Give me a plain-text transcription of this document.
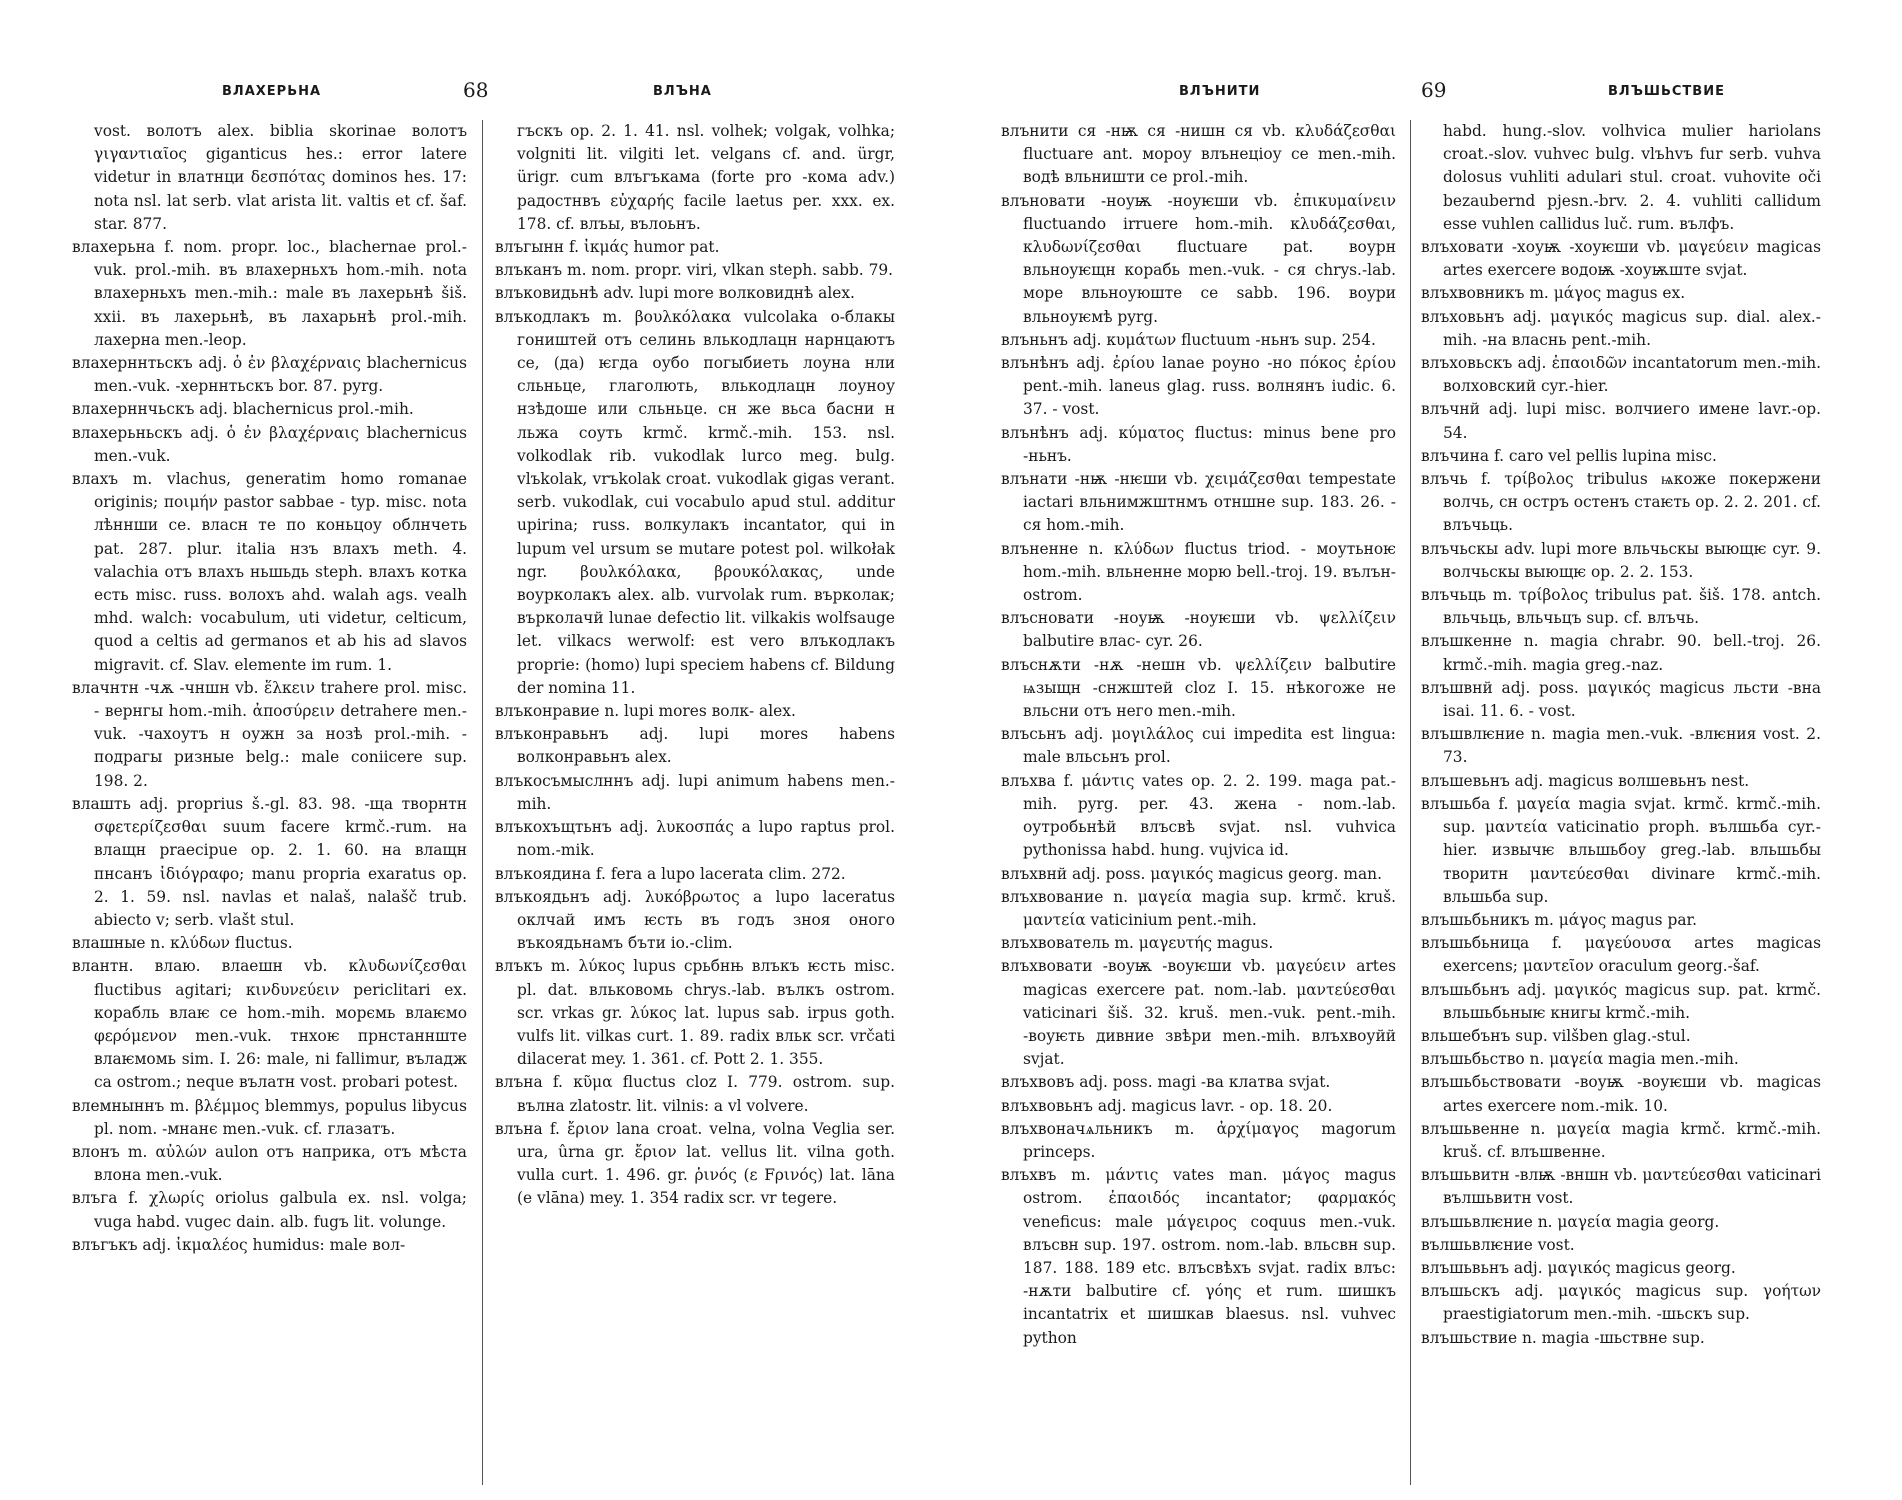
ВЛАХЕРЬНА	68	ВЛЪНА

vost. волотъ alex. biblia skorinae волотъ γιγαντιαῖος giganticus hes.: error latere videtur in влатнци δεσπότας dominos hes. 17: nota nsl. lat serb. vlat arista lit. valtis et cf. šaf. star. 877.

влахерьна f. nom. propr. loc., blachernae prol.-vuk. prol.-mih. въ влахерньхъ hom.-mih. nota влахерньхъ men.-mih.: male въ лахерьнѣ šiš. xxii. въ лахерьнѣ, въ лахарьнѣ prol.-mih. лахерна men.-leop.

влахерннтьскъ adj. ὁ ἐν βλαχέρναις blachernicus men.-vuk. -херннтьскъ bor. 87. pyrg.

влахерннчьскъ adj. blachernicus prol.-mih.

влахерьньскъ adj. ὁ ἐν βλαχέρναις blachernicus men.-vuk.

влахъ m. vlachus, generatim homo romanae originis; ποιμήν pastor sabbae - typ. misc. nota лѣннши се. власн те по коньцоу облнчеть pat. 287. plur. italia нзъ влахъ meth. 4. valachia отъ влахъ ньшьдь steph. влахъ котка есть misc. russ. волохъ ahd. walah ags. vealh mhd. walch: vocabulum, uti videtur, celticum, quod a celtis ad germanos et ab his ad slavos migravit. cf. Slav. elemente im rum. 1.

влачнтн -чѫ -чншн vb. ἕλκειν trahere prol. misc. - вернгы hom.-mih. ἀποσύρειν detrahere men.-vuk. -чахоутъ н оужн за нозѣ prol.-mih. - подрагы ризные belg.: male coniicere sup. 198. 2.

влашть adj. proprius š.-gl. 83. 98. -ща творнтн σφετερίζεσθαι suum facere krmč.-rum. на влащн praecipue op. 2. 1. 60. на влащн пнсанъ ἰδιόγραφο; manu propria exaratus op. 2. 1. 59. nsl. navlas et nalaš, nalašč trub. abiecto v; serb. vlašt stul.

влашные n. κλύδων fluctus.

влантн. влаю. влаешн vb. κλυδωνίζεσθαι fluctibus agitari; κινδυνεύειν periclitari ex. корабль влаѥ се hom.-mih. морємь влаѥмо φερόμενον men.-vuk. тнхоѥ прнстаннште влаѥмомь sim. I. 26: male, ni fallimur, въладж са ostrom.; neque вълатн vost. probari potest.

влемныннъ m. βλέμμος blemmys, populus libycus pl. nom. -мнанє men.-vuk. cf. глазатъ.

влонъ m. αὐλών aulon отъ наприка, отъ мѣста влона men.-vuk.

влъга f. χλωρίς oriolus galbula ex. nsl. volga; vuga habd. vugec dain. alb. fugъ lit. volunge.

влъгъкъ adj. ἰκμαλέος humidus: male вол-

гъскъ op. 2. 1. 41. nsl. volhek; volgak, volhka; volgniti lit. vilgiti let. velgans cf. and. ürgr, ürigr. cum влъгъкама (forte pro -кома adv.) радостнвъ εὐχαρής facile laetus per. xxx. ex. 178. cf. влъы, вълоьнъ.

влъгынн f. ἰκμάς humor pat.

влъканъ m. nom. propr. viri, vlkan steph. sabb. 79.

влъковидьнѣ adv. lupi more волковиднѣ alex.

влъкодлакъ m. βουλκόλακα vulcolaka o-блакы гоништей отъ селинь влькодлацн нарнцаютъ се, (да) ѥгда оубо погыбиеть лоуна нли сльньце, глаголють, влькодлацн лоуноу нзѣдоше или сльньце. сн же вьса басни н льжа соуть krmč. krmč.-mih. 153. nsl. volkodlak rib. vukodlak lurco meg. bulg. vlъkolak, vrъkolak croat. vukodlak gigas verant. serb. vukodlak, cui vocabulo apud stul. additur upirina; russ. волкулакъ incantator, qui in lupum vel ursum se mutare potest pol. wilkołak ngr. βουλκόλακα, βρουκόλακας, unde воурколакъ alex. alb. vurvolak rum. върколак; върколачй lunae defectio lit. vilkakis wolfsauge let. vilkacs werwolf: est vero влъкодлакъ proprie: (homo) lupi speciem habens cf. Bildung der nomina 11.

влъконравие n. lupi mores волк- alex.

влъконравьнъ adj. lupi mores habens волконравьнъ alex.

влъкосъмыслннъ adj. lupi animum habens men.-mih.

влъкохъщтьнъ adj. λυκοσπάς a lupo raptus prol. nom.-mik.

влъкоядина f. fera a lupo lacerata clim. 272.

влъкоядьнъ adj. λυκόβρωτος a lupo laceratus оклчай имъ ѥсть въ годъ зноя оного въкоядьнамъ бъти io.-clim.

влъкъ m. λύκος lupus срьбнњ влъкъ ѥсть misc. pl. dat. вльковомь chrys.-lab. вълкъ ostrom. scr. vrkas gr. λύκος lat. lupus sab. irpus goth. vulfs lit. vilkas curt. 1. 89. radix вльк scr. vrčati dilacerat mey. 1. 361. cf. Pott 2. 1. 355.

влъна f. κῦμα fluctus cloz I. 779. ostrom. sup. вълна zlatostr. lit. vilnis: a vl volvere.

влъна f. ἔριον lana croat. velna, volna Veglia ser. ura, ûrna gr. ἔριον lat. vellus lit. vilna goth. vulla curt. 1. 496. gr. ῥινός (ε Fρινός) lat. lāna (e vlāna) mey. 1. 354 radix scr. vr tegere.

ВЛЪНИТИ	69	ВЛЪШЬСТВИЕ

влънити ся -нѭ ся -нишн ся vb. κλυδάζεσθαι fluctuare ant. мороу влънеціоу се men.-mih. водѣ вльништи се prol.-mih.

влъновати -ноуѭ -ноуѥши vb. ἐπικυμαίνειν fluctuando irruere hom.-mih. κλυδάζεσθαι, κλυδωνίζεσθαι fluctuare pat. воурн вльноуѥщн корабь men.-vuk. - ся chrys.-lab. море вльноуюште се sabb. 196. воури вльноуѥмѣ pyrg.

влъньнъ adj. κυμάτων fluctuum -ньнъ sup. 254.

влънѣнъ adj. ἐρίου lanae роуно -но πόκος ἐρίου pent.-mih. laneus glag. russ. волнянъ iudic. 6. 37. - vost.

влънѣнъ adj. κύματος fluctus: minus bene pro -ньнъ.

влънати -нѭ -нѥши vb. χειμάζεσθαι tempestate iactari вльнимжштнмъ отншне sup. 183. 26. - ся hom.-mih.

влъненне n. κλύδων fluctus triod. - моутьноѥ hom.-mih. вльненне морю bell.-troj. 19. вълън- ostrom.

влъсновати -ноуѭ -ноуѥши vb. ψελλίζειν balbutire влас- cyr. 26.

влъснѫти -нѫ -нешн vb. ψελλίζειν balbutire ѩзыщн -снжштей cloz I. 15. нѣкогоже не вльсни отъ него men.-mih.

влъсьнъ adj. μογιλάλος cui impedita est lingua: male вльсьнъ prol.

влъхва f. μάντις vates op. 2. 2. 199. maga pat.-mih. pyrg. per. 43. жена - nom.-lab. оутробьнѣй влъсвѣ svjat. nsl. vuhvica pythonissa habd. hung. vujvica id.

влъхвнй adj. poss. μαγικός magicus georg. man.

влъхвование n. μαγεία magia sup. krmč. kruš. μαντεία vaticinium pent.-mih.

влъхвователь m. μαγευτής magus.

влъхвовати -воуѭ -воуѥши vb. μαγεύειν artes magicas exercere pat. nom.-lab. μαντεύεσθαι vaticinari šiš. 32. kruš. men.-vuk. pent.-mih. -воуѥть дивние звѣри men.-mih. влъхвоуйй svjat.

влъхвовъ adj. poss. magi -ва клатва svjat.

влъхвовьнъ adj. magicus lavr. - op. 18. 20.

влъхвоначѧльникъ m. ἀρχίμαγος magorum princeps.

влъхвъ m. μάντις vates man. μάγος magus ostrom. ἐπαοιδός incantator; φαρμακός veneficus: male μάγειρος coquus men.-vuk. влъсвн sup. 197. ostrom. nom.-lab. вльсвн sup. 187. 188. 189 etc. влъсвѣхъ svjat. radix влъс: -нѫти balbutire cf. γόης et rum. шишкъ incantatrix et шишкав blaesus. nsl. vuhvec python

habd. hung.-slov. volhvica mulier hariolans croat.-slov. vuhvec bulg. vlъhvъ fur serb. vuhva dolosus vuhliti adulari stul. croat. vuhovite oči bezaubernd pjesn.-brv. 2. 4. vuhliti callidum esse vuhlen callidus luč. rum. вълфъ.

влъховати -хоуѭ -хоуѥши vb. μαγεύειν magicas artes exercere водоѭ -хоуѭште svjat.

влъхвовникъ m. μάγος magus ex.

влъховьнъ adj. μαγικός magicus sup. dial. alex.-mih. -на власнь pent.-mih.

влъховьскъ adj. ἐπαοιδῶν incantatorum men.-mih. волховский cyr.-hier.

влъчнй adj. lupi misc. волчиего имене lavr.-op. 54.

влъчина f. caro vel pellis lupina misc.

влъчь f. τρίβολος tribulus ѩкоже покержени волчь, сн остръ остенъ стаѥть op. 2. 2. 201. cf. влъчьць.

влъчьскы adv. lupi more вльчьскы выющѥ cyr. 9. волчьскы выющѥ op. 2. 2. 153.

влъчьць m. τρίβολος tribulus pat. šiš. 178. antch. вльчьць, вльчьцъ sup. cf. влъчь.

влъшкенне n. magia chrabr. 90. bell.-troj. 26. krmč.-mih. magia greg.-naz.

влъшвнй adj. poss. μαγικός magicus льсти -вна isai. 11. 6. - vost.

влъшвлѥние n. magia men.-vuk. -влѥния vost. 2. 73.

влъшевьнъ adj. magicus волшевьнъ nest.

влъшьба f. μαγεία magia svjat. krmč. krmč.-mih. sup. μαντεία vaticinatio proph. вълшьба cyr.-hier. извычѥ вльшьбоу greg.-lab. вльшьбы творитн μαντεύεσθαι divinare krmč.-mih. вльшьба sup.

влъшьбьникъ m. μάγος magus par.

влъшьбьница f. μαγεύουσα artes magicas exercens; μαντεῖον oraculum georg.-šaf.

влъшьбьнъ adj. μαγικός magicus sup. pat. krmč. вльшьбьныѥ книгы krmč.-mih.

вльшебънъ sup. vilšben glag.-stul.

влъшьбьство n. μαγεία magia men.-mih.

влъшьбьствовати -воуѭ -воуѥши vb. magicas artes exercere nom.-mik. 10.

влъшьвенне n. μαγεία magia krmč. krmč.-mih. kruš. cf. влъшвенне.

влъшьвитн -влѭ -вншн vb. μαντεύεσθαι vaticinari вълшьвитн vost.

влъшьвлѥние n. μαγεία magia georg.

вълшьвлѥние vost.

влъшьвьнъ adj. μαγικός magicus georg.

влъшьскъ adj. μαγικός magicus sup. γοήτων praestigiatorum men.-mih. -шьскъ sup.

влъшьствие n. magia -шьствне sup.
